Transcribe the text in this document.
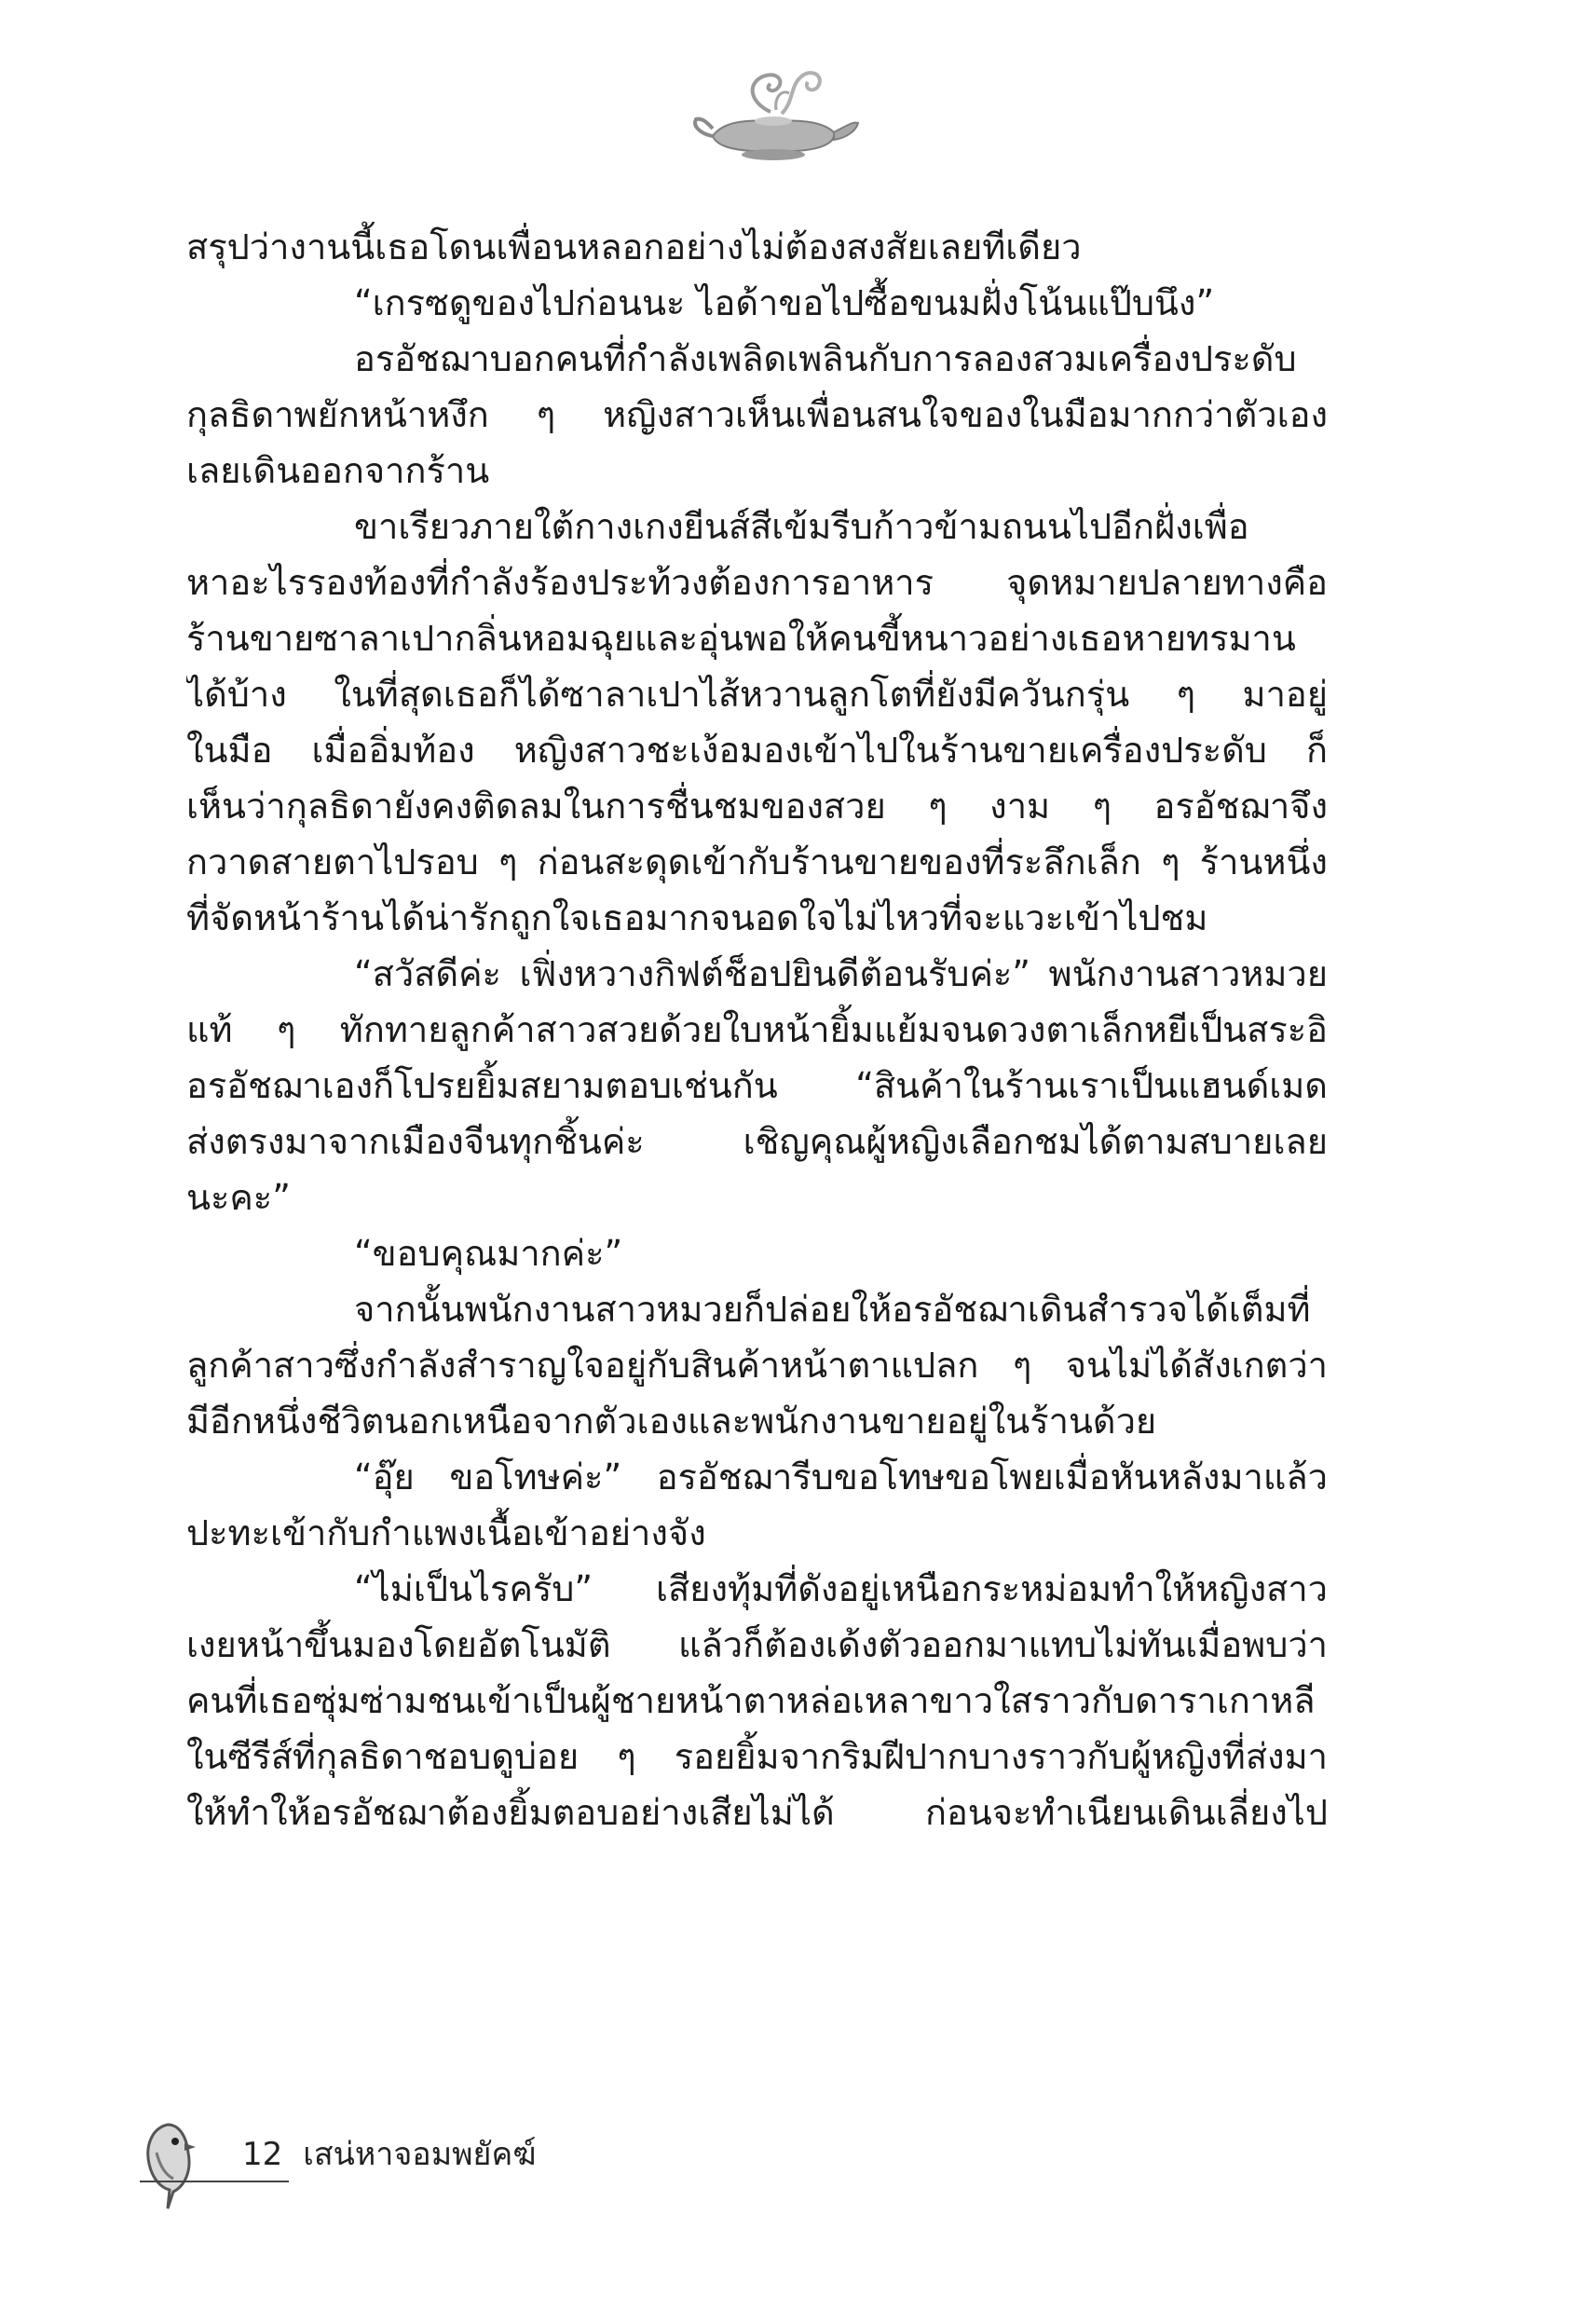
สรุปว่างานนี้เธอโดนเพื่อนหลอกอย่างไม่ต้องสงสัยเลยทีเดียว
“เกรซดูของไปก่อนนะ ไอด้าขอไปซื้อขนมฝั่งโน้นแป๊บนึง”
อรอัชฌาบอกคนที่กำลังเพลิดเพลินกับการลองสวมเครื่องประดับ
กุลธิดาพยักหน้าหงึก ๆ หญิงสาวเห็นเพื่อนสนใจของในมือมากกว่าตัวเอง
เลยเดินออกจากร้าน
ขาเรียวภายใต้กางเกงยีนส์สีเข้มรีบก้าวข้ามถนนไปอีกฝั่งเพื่อ
หาอะไรรองท้องที่กำลังร้องประท้วงต้องการอาหาร จุดหมายปลายทางคือ
ร้านขายซาลาเปากลิ่นหอมฉุยและอุ่นพอให้คนขี้หนาวอย่างเธอหายทรมาน
ได้บ้าง ในที่สุดเธอก็ได้ซาลาเปาไส้หวานลูกโตที่ยังมีควันกรุ่น ๆ มาอยู่
ในมือ เมื่ออิ่มท้อง หญิงสาวชะเง้อมองเข้าไปในร้านขายเครื่องประดับ ก็
เห็นว่ากุลธิดายังคงติดลมในการชื่นชมของสวย ๆ งาม ๆ อรอัชฌาจึง
กวาดสายตาไปรอบ ๆ ก่อนสะดุดเข้ากับร้านขายของที่ระลึกเล็ก ๆ ร้านหนึ่ง
ที่จัดหน้าร้านได้น่ารักถูกใจเธอมากจนอดใจไม่ไหวที่จะแวะเข้าไปชม
“สวัสดีค่ะ เฟิ่งหวางกิฟต์ช็อปยินดีต้อนรับค่ะ” พนักงานสาวหมวย
แท้ ๆ ทักทายลูกค้าสาวสวยด้วยใบหน้ายิ้มแย้มจนดวงตาเล็กหยีเป็นสระอิ
อรอัชฌาเองก็โปรยยิ้มสยามตอบเช่นกัน “สินค้าในร้านเราเป็นแฮนด์เมด
ส่งตรงมาจากเมืองจีนทุกชิ้นค่ะ เชิญคุณผู้หญิงเลือกชมได้ตามสบายเลย
นะคะ”
“ขอบคุณมากค่ะ”
จากนั้นพนักงานสาวหมวยก็ปล่อยให้อรอัชฌาเดินสำรวจได้เต็มที่
ลูกค้าสาวซึ่งกำลังสำราญใจอยู่กับสินค้าหน้าตาแปลก ๆ จนไม่ได้สังเกตว่า
มีอีกหนึ่งชีวิตนอกเหนือจากตัวเองและพนักงานขายอยู่ในร้านด้วย
“อุ๊ย ขอโทษค่ะ” อรอัชฌารีบขอโทษขอโพยเมื่อหันหลังมาแล้ว
ปะทะเข้ากับกำแพงเนื้อเข้าอย่างจัง
“ไม่เป็นไรครับ” เสียงทุ้มที่ดังอยู่เหนือกระหม่อมทำให้หญิงสาว
เงยหน้าขึ้นมองโดยอัตโนมัติ แล้วก็ต้องเด้งตัวออกมาแทบไม่ทันเมื่อพบว่า
คนที่เธอซุ่มซ่ามชนเข้าเป็นผู้ชายหน้าตาหล่อเหลาขาวใสราวกับดาราเกาหลี
ในซีรีส์ที่กุลธิดาชอบดูบ่อย ๆ รอยยิ้มจากริมฝีปากบางราวกับผู้หญิงที่ส่งมา
ให้ทำให้อรอัชฌาต้องยิ้มตอบอย่างเสียไม่ได้ ก่อนจะทำเนียนเดินเลี่ยงไป
12 เสน่หาจอมพยัคฆ์
